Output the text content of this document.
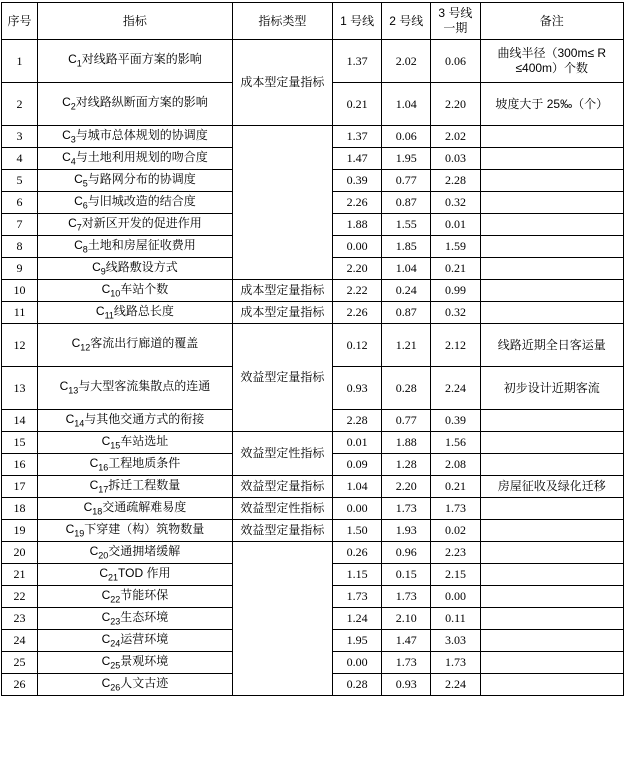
序号	指标	指标类型	1 号线	2 号线	3 号线一期	备注
1	$C_1$对线路平面方案的影响	成本型定量指标	1.37	2.02	0.06	曲线半径（300m≤ R ≤400m）个数
2	$C_2$对线路纵断面方案的影响		0.21	1.04	2.20	坡度大于 25‰（个）
3	$C_3$与城市总体规划的协调度		1.37	0.06	2.02	
4	$C_4$与土地利用规划的吻合度		1.47	1.95	0.03	
5	$C_5$与路网分布的协调度		0.39	0.77	2.28	
6	$C_6$与旧城改造的结合度		2.26	0.87	0.32	
7	$C_7$对新区开发的促进作用		1.88	1.55	0.01	
8	$C_8$土地和房屋征收费用		0.00	1.85	1.59	
9	$C_9$线路敷设方式		2.20	1.04	0.21	
10	$C_{10}$车站个数	成本型定量指标	2.22	0.24	0.99	
11	$C_{11}$线路总长度	成本型定量指标	2.26	0.87	0.32	
12	$C_{12}$客流出行廊道的覆盖	效益型定量指标	0.12	1.21	2.12	线路近期全日客运量
13	$C_{13}$与大型客流集散点的连通		0.93	0.28	2.24	初步设计近期客流
14	$C_{14}$与其他交通方式的衔接		2.28	0.77	0.39	
15	$C_{15}$车站选址	效益型定性指标	0.01	1.88	1.56	
16	$C_{16}$工程地质条件		0.09	1.28	2.08	
17	$C_{17}$拆迁工程数量	效益型定量指标	1.04	2.20	0.21	房屋征收及绿化迁移
18	$C_{18}$交通疏解难易度	效益型定性指标	0.00	1.73	1.73	
19	$C_{19}$下穿建（构）筑物数量	效益型定量指标	1.50	1.93	0.02	
20	$C_{20}$交通拥堵缓解		0.26	0.96	2.23	
21	$C_{21}TOD$ 作用		1.15	0.15	2.15	
22	$C_{22}$节能环保		1.73	1.73	0.00	
23	$C_{23}$生态环境		1.24	2.10	0.11	
24	$C_{24}$运营环境		1.95	1.47	3.03	
25	$C_{25}$景观环境		0.00	1.73	1.73	
26	$C_{26}$人文古迹		0.28	0.93	2.24	
